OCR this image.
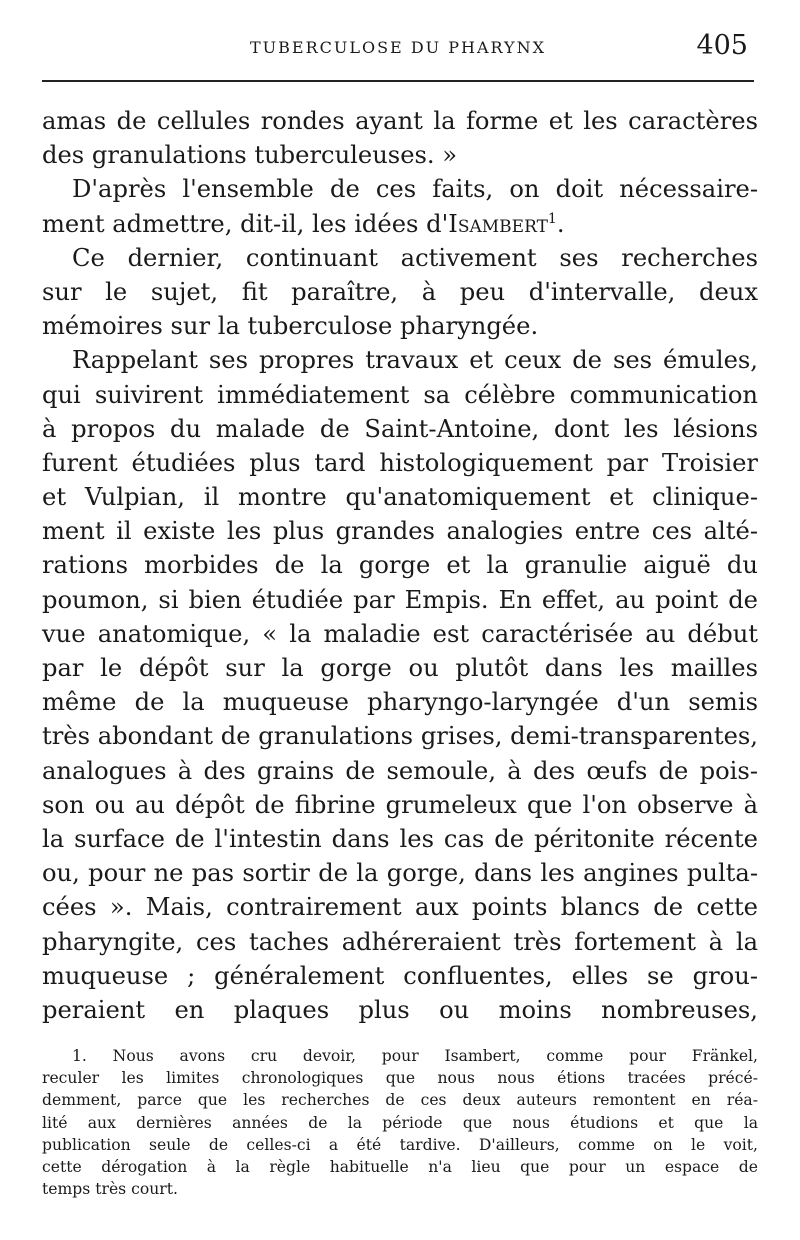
TUBERCULOSE DU PHARYNX	405
amas de cellules rondes ayant la forme et les caractères
des granulations tuberculeuses. »
D'après l'ensemble de ces faits, on doit nécessaire-
ment admettre, dit-il, les idées d'Isambert$^1$.
Ce dernier, continuant activement ses recherches
sur le sujet, fit paraître, à peu d'intervalle, deux
mémoires sur la tuberculose pharyngée.
Rappelant ses propres travaux et ceux de ses émules,
qui suivirent immédiatement sa célèbre communication
à propos du malade de Saint-Antoine, dont les lésions
furent étudiées plus tard histologiquement par Troisier
et Vulpian, il montre qu'anatomiquement et clinique-
ment il existe les plus grandes analogies entre ces alté-
rations morbides de la gorge et la granulie aiguë du
poumon, si bien étudiée par Empis. En effet, au point de
vue anatomique, « la maladie est caractérisée au début
par le dépôt sur la gorge ou plutôt dans les mailles
même de la muqueuse pharyngo-laryngée d'un semis
très abondant de granulations grises, demi-transparentes,
analogues à des grains de semoule, à des œufs de pois-
son ou au dépôt de fibrine grumeleux que l'on observe à
la surface de l'intestin dans les cas de péritonite récente
ou, pour ne pas sortir de la gorge, dans les angines pulta-
cées ». Mais, contrairement aux points blancs de cette
pharyngite, ces taches adhéreraient très fortement à la
muqueuse ; généralement confluentes, elles se grou-
peraient en plaques plus ou moins nombreuses,
1. Nous avons cru devoir, pour Isambert, comme pour Fränkel,
reculer les limites chronologiques que nous nous étions tracées précé-
demment, parce que les recherches de ces deux auteurs remontent en réa-
lité aux dernières années de la période que nous étudions et que la
publication seule de celles-ci a été tardive. D'ailleurs, comme on le voit,
cette dérogation à la règle habituelle n'a lieu que pour un espace de
temps très court.
